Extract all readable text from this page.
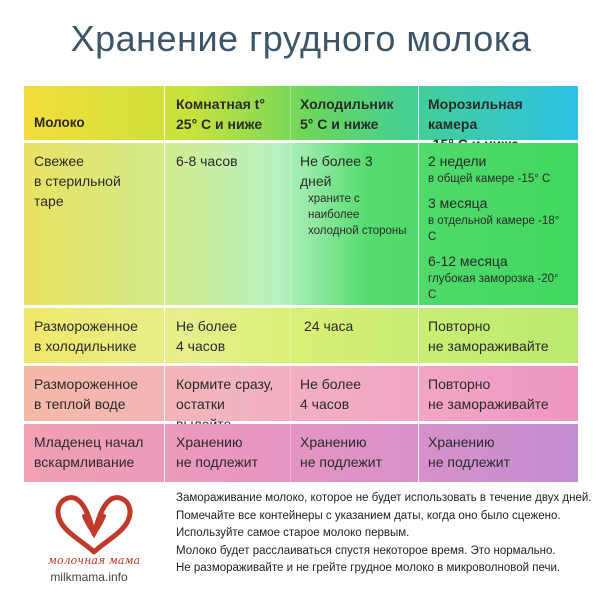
Хранение грудного молока
Молоко
Комнатная t°
25° С и ниже
Холодильник
5° С и ниже
Морозильная камера
Свежее
в стерильной таре
6-8 часов	Не более 3 дней
храните с наиболее
холодной стороны
2 недели
в общей камере -15° С
3 месяца
в отдельной камере -18° С
6-12 месяца
глубокая заморозка -20° С
Размороженное
в холодильнике
Не более
4 часов
24 часа	Повторно
не замораживайте
Размороженное
в теплой воде
Кормите сразу,
остатки
Не более
4 часов
Повторно
не замораживайте
Младенец начал
вскармливание
Хранению
не подлежит
Хранению
не подлежит
Хранению
не подлежит
молочная мама
milkmama.info
Замораживание молоко, которое не будет использовать в течение двух дней.
Помечайте все контейнеры с указанием даты, когда оно было сцежено.
Используйте самое старое молоко первым.
Молоко будет расслаиваться спустя некоторое время. Это нормально.
Не размораживайте и не грейте грудное молоко в микроволновой печи.
